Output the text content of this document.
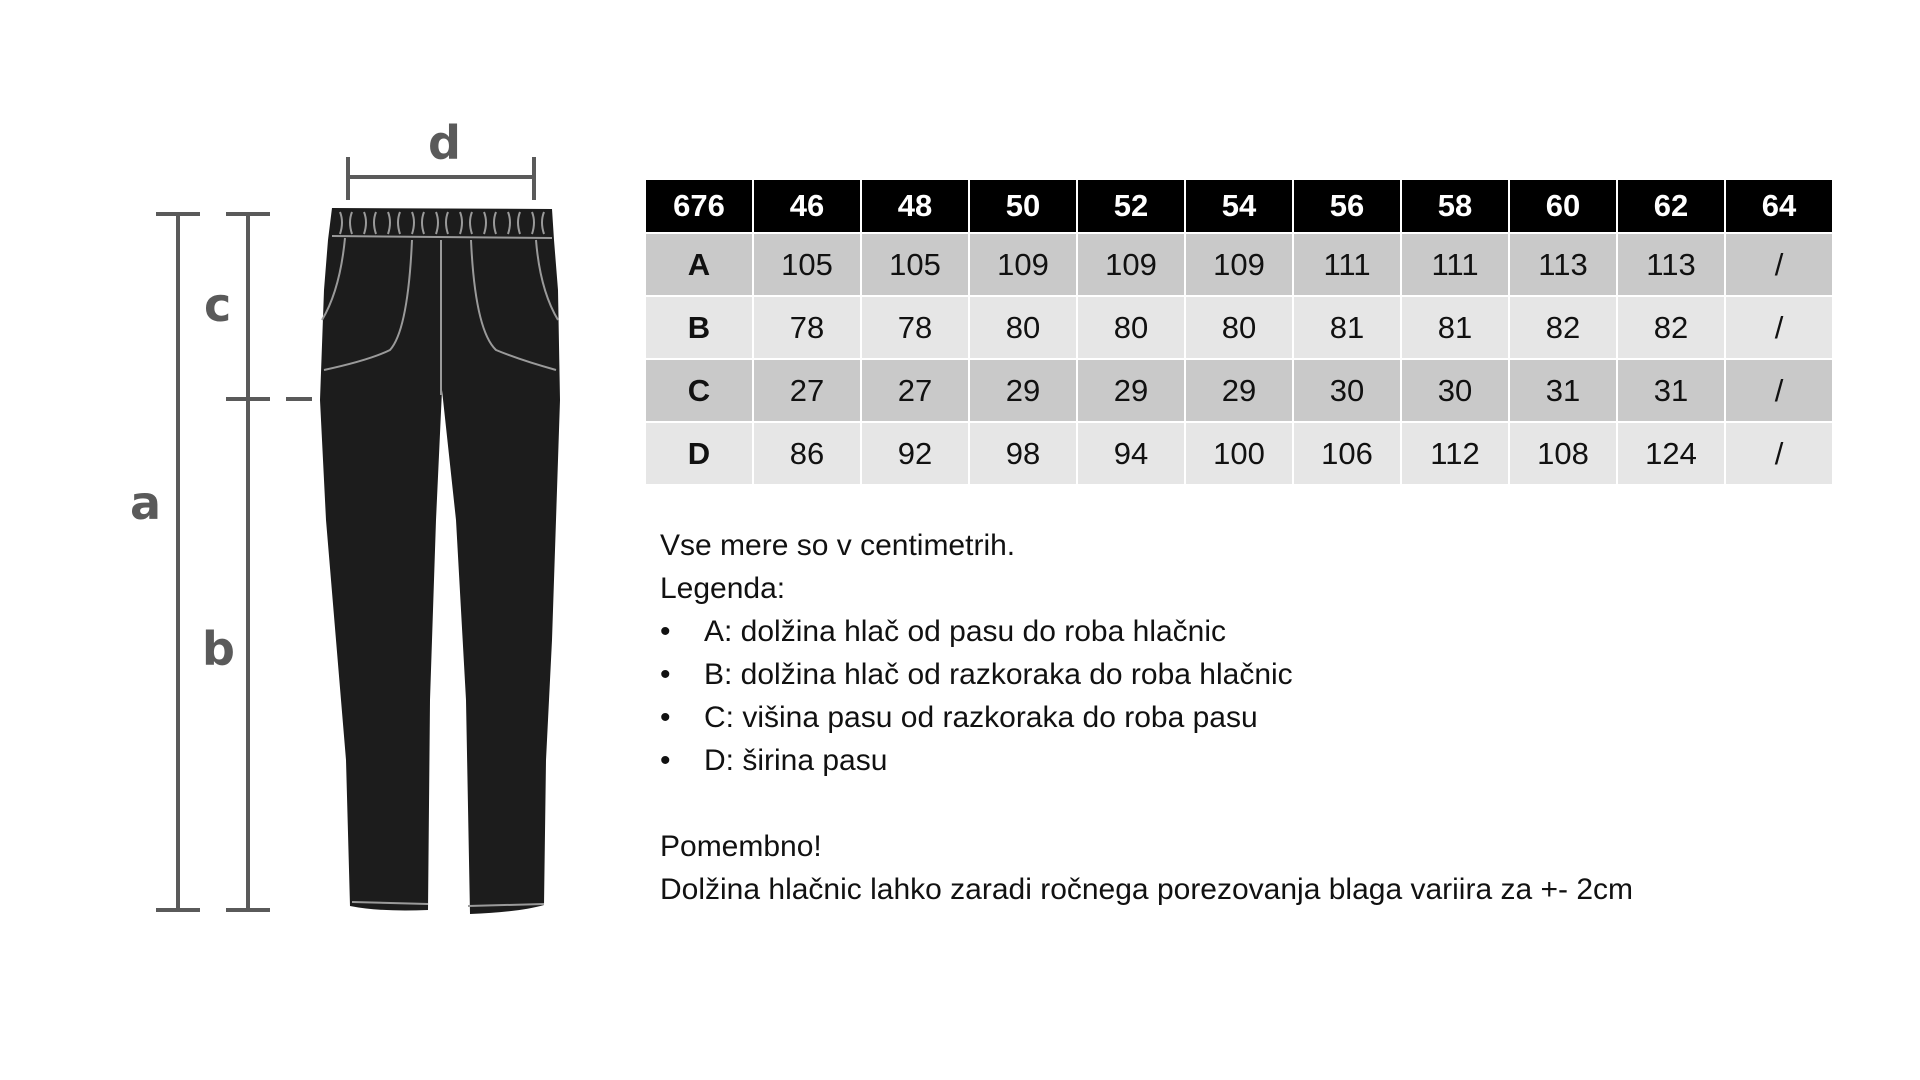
a
b
c
d
676	46	48	50	52	54	56	58	60	62	64
A	105	105	109	109	109	111	111	113	113	/
B	78	78	80	80	80	81	81	82	82	/
C	27	27	29	29	29	30	30	31	31	/
D	86	92	98	94	100	106	112	108	124	/
Vse mere so v centimetrih.
Legenda:
• A: dolžina hlač od pasu do roba hlačnic
• B: dolžina hlač od razkoraka do roba hlačnic
• C: višina pasu od razkoraka do roba pasu
• D: širina pasu
Pomembno!
Dolžina hlačnic lahko zaradi ročnega porezovanja blaga variira za +- 2cm
